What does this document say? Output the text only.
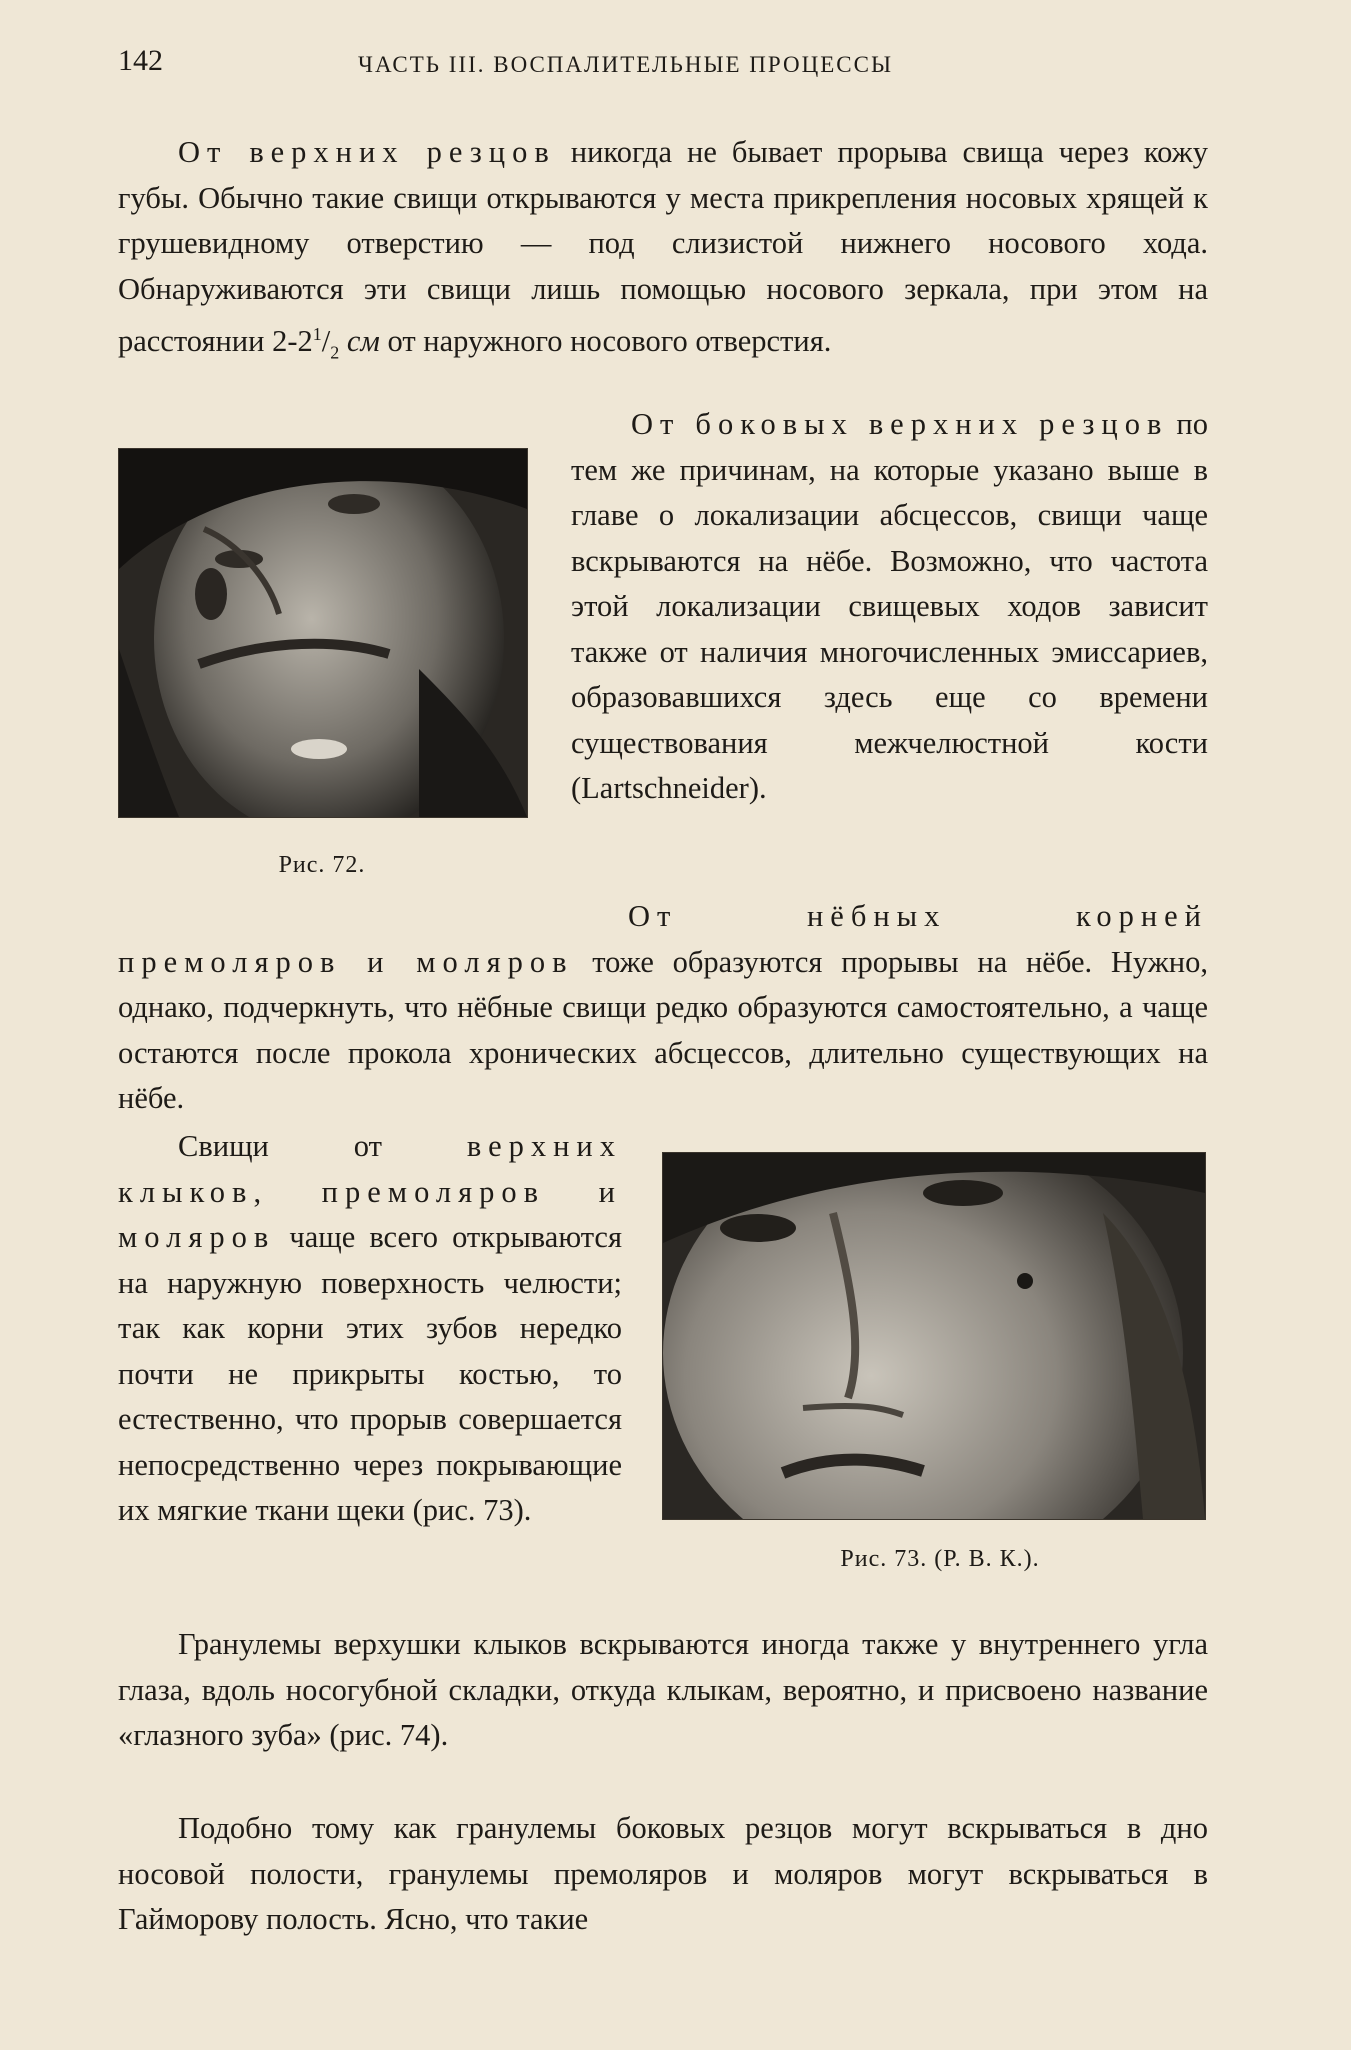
142	ЧАСТЬ III. ВОСПАЛИТЕЛЬНЫЕ ПРОЦЕССЫ

От верхних резцов никогда не бывает прорыва свища через кожу губы. Обычно такие свищи открываются у места прикрепления носовых хрящей к грушевидному отверстию — под слизистой нижнего носового хода. Обнаруживаются эти свищи лишь помощью носового зеркала, при этом на расстоянии $2-2^1/_2$ см от наружного носового отверстия.

Рис. 72.

От боковых верхних резцов по тем же причинам, на которые указано выше в главе о локализации абсцессов, свищи чаще вскрываются на нёбе. Возможно, что частота этой локализации свищевых ходов зависит также от наличия многочисленных эмиссариев, образовавшихся здесь еще со времени существования межчелюстной кости (Lartschneider).

От нёбных корней премоляров и моляров тоже образуются прорывы на нёбе. Нужно, однако, подчеркнуть, что нёбные свищи редко образуются самостоятельно, а чаще остаются после прокола хронических абсцессов, длительно существующих на нёбе.

Свищи от верхних клыков, премоляров и моляров чаще всего открываются на наружную поверхность челюсти; так как корни этих зубов нередко почти не прикрыты костью, то естественно, что прорыв совершается непосредственно через покрывающие их мягкие ткани щеки (рис. 73).

Рис. 73. (Р. В. К.).

Гранулемы верхушки клыков вскрываются иногда также у внутреннего угла глаза, вдоль носогубной складки, откуда клыкам, вероятно, и присвоено название «глазного зуба» (рис. 74).

Подобно тому как гранулемы боковых резцов могут вскрываться в дно носовой полости, гранулемы премоляров и моляров могут вскрываться в Гайморову полость. Ясно, что такие
